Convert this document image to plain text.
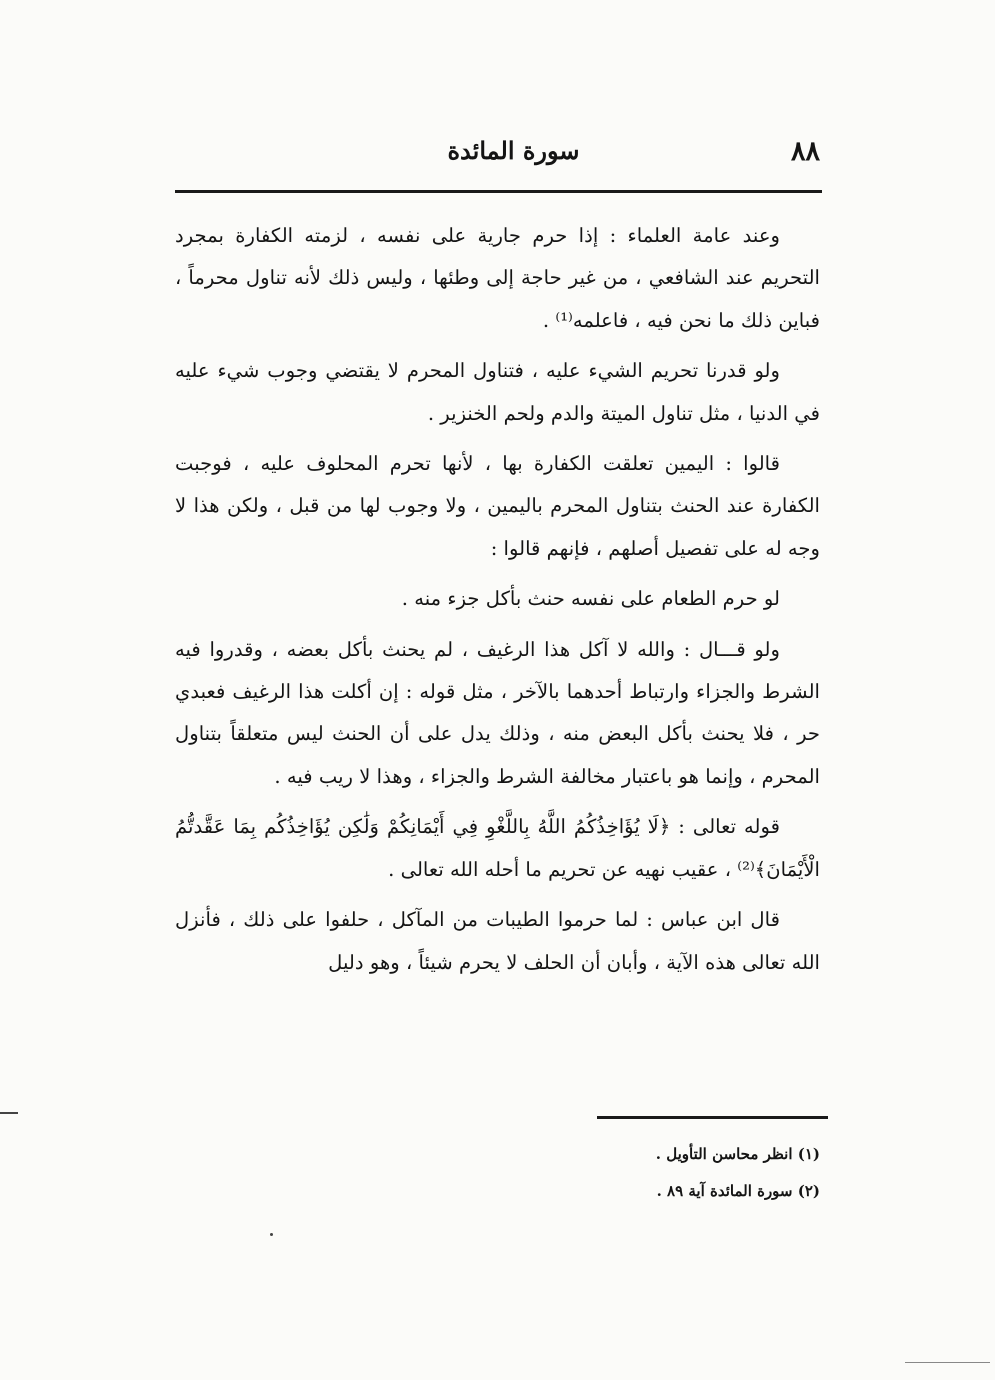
٨٨
سورة المائدة

وعند عامة العلماء : إذا حرم جارية على نفسه ، لزمته الكفارة بمجرد التحريم عند الشافعي ، من غير حاجة إلى وطئها ، وليس ذلك لأنه تناول محرماً ، فباين ذلك ما نحن فيه ، فاعلمه⁽¹⁾ .

ولو قدرنا تحريم الشيء عليه ، فتناول المحرم لا يقتضي وجوب شيء عليه في الدنيا ، مثل تناول الميتة والدم ولحم الخنزير .

قالوا : اليمين تعلقت الكفارة بها ، لأنها تحرم المحلوف عليه ، فوجبت الكفارة عند الحنث بتناول المحرم باليمين ، ولا وجوب لها من قبل ، ولكن هذا لا وجه له على تفصيل أصلهم ، فإنهم قالوا :

لو حرم الطعام على نفسه حنث بأكل جزء منه .

ولو قـــال : والله لا آكل هذا الرغيف ، لم يحنث بأكل بعضه ، وقدروا فيه الشرط والجزاء وارتباط أحدهما بالآخر ، مثل قوله : إن أكلت هذا الرغيف فعبدي حر ، فلا يحنث بأكل البعض منه ، وذلك يدل على أن الحنث ليس متعلقاً بتناول المحرم ، وإنما هو باعتبار مخالفة الشرط والجزاء ، وهذا لا ريب فيه .

قوله تعالى : ﴿لَا يُؤَاخِذُكُمُ اللَّهُ بِاللَّغْوِ فِي أَيْمَانِكُمْ وَلَٰكِن يُؤَاخِذُكُم بِمَا عَقَّدتُّمُ الْأَيْمَانَ﴾⁽²⁾ ، عقيب نهيه عن تحريم ما أحله الله تعالى .

قال ابن عباس : لما حرموا الطيبات من المآكل ، حلفوا على ذلك ، فأنزل الله تعالى هذه الآية ، وأبان أن الحلف لا يحرم شيئاً ، وهو دليل

(١) انظر محاسن التأويل .

(٢) سورة المائدة آية ٨٩ .
